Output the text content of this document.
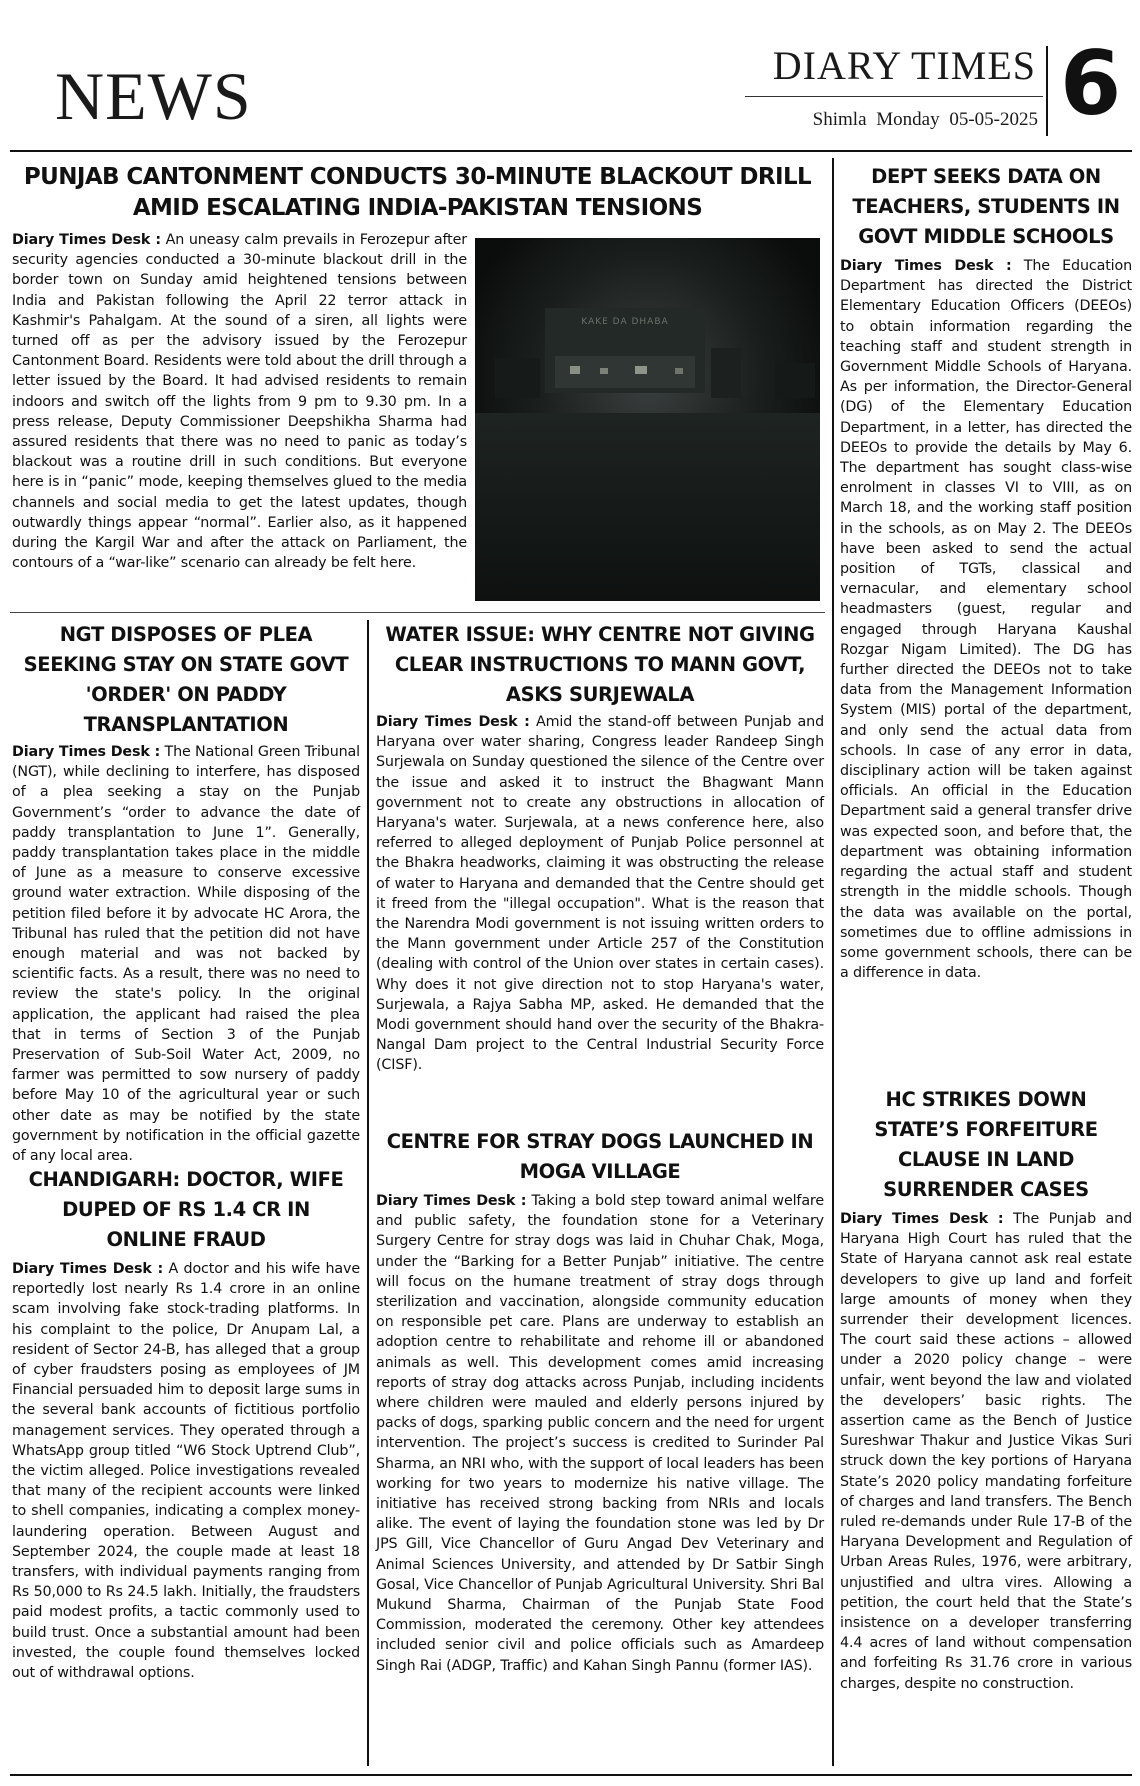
NEWS	DIARY TIMES
Shimla Monday 05-05-2025 6
PUNJAB CANTONMENT CONDUCTS 30-MINUTE BLACKOUT DRILL AMID ESCALATING INDIA-PAKISTAN TENSIONS

Diary Times Desk : An uneasy calm prevails in Ferozepur after security agencies conducted a 30-minute blackout drill in the border town on Sunday amid heightened tensions between India and Pakistan following the April 22 terror attack in Kashmir's Pahalgam. At the sound of a siren, all lights were turned off as per the advisory issued by the Ferozepur Cantonment Board. Residents were told about the drill through a letter issued by the Board. It had advised residents to remain indoors and switch off the lights from 9 pm to 9.30 pm. In a press release, Deputy Commissioner Deepshikha Sharma had assured residents that there was no need to panic as today’s blackout was a routine drill in such conditions. But everyone here is in “panic” mode, keeping themselves glued to the media channels and social media to get the latest updates, though outwardly things appear “normal”. Earlier also, as it happened during the Kargil War and after the attack on Parliament, the contours of a “war-like” scenario can already be felt here.

KAKE DA DHABA
DEPT SEEKS DATA ON TEACHERS, STUDENTS IN GOVT MIDDLE SCHOOLS

Diary Times Desk : The Education Department has directed the District Elementary Education Officers (DEEOs) to obtain information regarding the teaching staff and student strength in Government Middle Schools of Haryana. As per information, the Director-General (DG) of the Elementary Education Department, in a letter, has directed the DEEOs to provide the details by May 6. The department has sought class-wise enrolment in classes VI to VIII, as on March 18, and the working staff position in the schools, as on May 2. The DEEOs have been asked to send the actual position of TGTs, classical and vernacular, and elementary school headmasters (guest, regular and engaged through Haryana Kaushal Rozgar Nigam Limited). The DG has further directed the DEEOs not to take data from the Management Information System (MIS) portal of the department, and only send the actual data from schools. In case of any error in data, disciplinary action will be taken against officials. An official in the Education Department said a general transfer drive was expected soon, and before that, the department was obtaining information regarding the actual staff and student strength in the middle schools. Though the data was available on the portal, sometimes due to offline admissions in some government schools, there can be a difference in data.

HC STRIKES DOWN STATE’S FORFEITURE CLAUSE IN LAND SURRENDER CASES

Diary Times Desk : The Punjab and Haryana High Court has ruled that the State of Haryana cannot ask real estate developers to give up land and forfeit large amounts of money when they surrender their development licences. The court said these actions – allowed under a 2020 policy change – were unfair, went beyond the law and violated the developers’ basic rights. The assertion came as the Bench of Justice Sureshwar Thakur and Justice Vikas Suri struck down the key portions of Haryana State’s 2020 policy mandating forfeiture of charges and land transfers. The Bench ruled re-demands under Rule 17-B of the Haryana Development and Regulation of Urban Areas Rules, 1976, were arbitrary, unjustified and ultra vires. Allowing a petition, the court held that the State’s insistence on a developer transferring 4.4 acres of land without compensation and forfeiting Rs 31.76 crore in various charges, despite no construction.

NGT DISPOSES OF PLEA SEEKING STAY ON STATE GOVT 'ORDER' ON PADDY TRANSPLANTATION

Diary Times Desk : The National Green Tribunal (NGT), while declining to interfere, has disposed of a plea seeking a stay on the Punjab Government’s “order to advance the date of paddy transplantation to June 1”. Generally, paddy transplantation takes place in the middle of June as a measure to conserve excessive ground water extraction. While disposing of the petition filed before it by advocate HC Arora, the Tribunal has ruled that the petition did not have enough material and was not backed by scientific facts. As a result, there was no need to review the state's policy. In the original application, the applicant had raised the plea that in terms of Section 3 of the Punjab Preservation of Sub-Soil Water Act, 2009, no farmer was permitted to sow nursery of paddy before May 10 of the agricultural year or such other date as may be notified by the state government by notification in the official gazette of any local area.

CHANDIGARH: DOCTOR, WIFE DUPED OF RS 1.4 CR IN ONLINE FRAUD

Diary Times Desk : A doctor and his wife have reportedly lost nearly Rs 1.4 crore in an online scam involving fake stock-trading platforms. In his complaint to the police, Dr Anupam Lal, a resident of Sector 24-B, has alleged that a group of cyber fraudsters posing as employees of JM Financial persuaded him to deposit large sums in the several bank accounts of fictitious portfolio management services. They operated through a WhatsApp group titled “W6 Stock Uptrend Club”, the victim alleged. Police investigations revealed that many of the recipient accounts were linked to shell companies, indicating a complex money-laundering operation. Between August and September 2024, the couple made at least 18 transfers, with individual payments ranging from Rs 50,000 to Rs 24.5 lakh. Initially, the fraudsters paid modest profits, a tactic commonly used to build trust. Once a substantial amount had been invested, the couple found themselves locked out of withdrawal options.

WATER ISSUE: WHY CENTRE NOT GIVING CLEAR INSTRUCTIONS TO MANN GOVT, ASKS SURJEWALA

Diary Times Desk : Amid the stand-off between Punjab and Haryana over water sharing, Congress leader Randeep Singh Surjewala on Sunday questioned the silence of the Centre over the issue and asked it to instruct the Bhagwant Mann government not to create any obstructions in allocation of Haryana's water. Surjewala, at a news conference here, also referred to alleged deployment of Punjab Police personnel at the Bhakra headworks, claiming it was obstructing the release of water to Haryana and demanded that the Centre should get it freed from the "illegal occupation". What is the reason that the Narendra Modi government is not issuing written orders to the Mann government under Article 257 of the Constitution (dealing with control of the Union over states in certain cases). Why does it not give direction not to stop Haryana's water, Surjewala, a Rajya Sabha MP, asked. He demanded that the Modi government should hand over the security of the Bhakra-Nangal Dam project to the Central Industrial Security Force (CISF).

CENTRE FOR STRAY DOGS LAUNCHED IN MOGA VILLAGE

Diary Times Desk : Taking a bold step toward animal welfare and public safety, the foundation stone for a Veterinary Surgery Centre for stray dogs was laid in Chuhar Chak, Moga, under the “Barking for a Better Punjab” initiative. The centre will focus on the humane treatment of stray dogs through sterilization and vaccination, alongside community education on responsible pet care. Plans are underway to establish an adoption centre to rehabilitate and rehome ill or abandoned animals as well. This development comes amid increasing reports of stray dog attacks across Punjab, including incidents where children were mauled and elderly persons injured by packs of dogs, sparking public concern and the need for urgent intervention. The project’s success is credited to Surinder Pal Sharma, an NRI who, with the support of local leaders has been working for two years to modernize his native village. The initiative has received strong backing from NRIs and locals alike. The event of laying the foundation stone was led by Dr JPS Gill, Vice Chancellor of Guru Angad Dev Veterinary and Animal Sciences University, and attended by Dr Satbir Singh Gosal, Vice Chancellor of Punjab Agricultural University. Shri Bal Mukund Sharma, Chairman of the Punjab State Food Commission, moderated the ceremony. Other key attendees included senior civil and police officials such as Amardeep Singh Rai (ADGP, Traffic) and Kahan Singh Pannu (former IAS).
